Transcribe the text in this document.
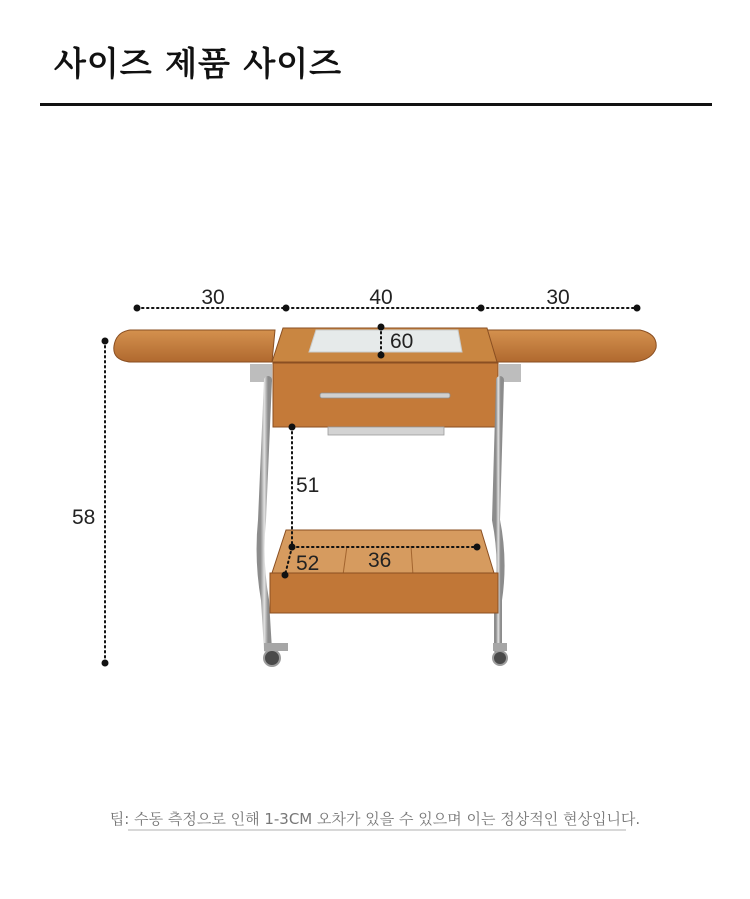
사이즈 제품 사이즈
30	40	30
60
58
51
52 36
팁: 수동 측정으로 인해 1-3CM 오차가 있을 수 있으며 이는 정상적인 현상입니다.
